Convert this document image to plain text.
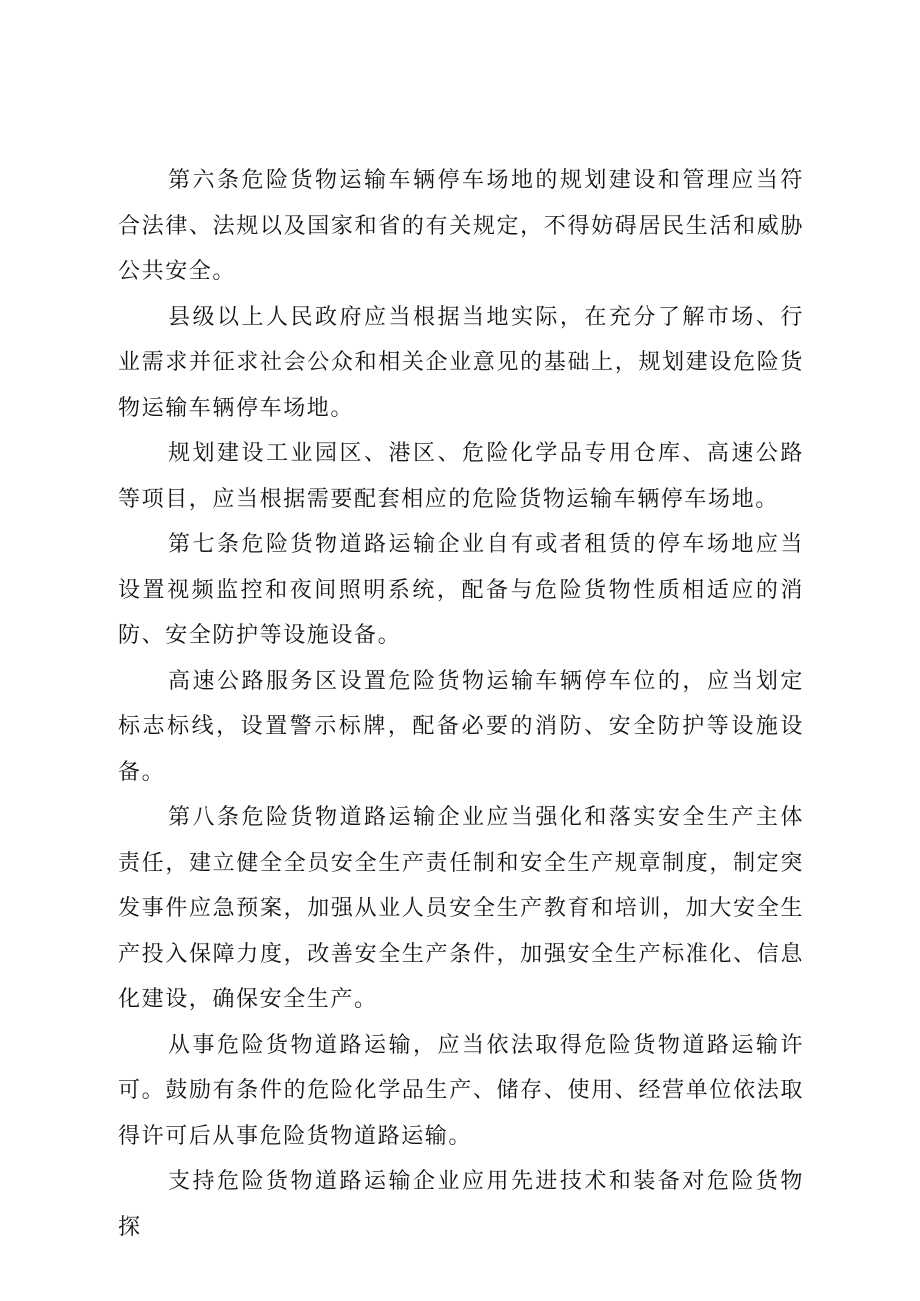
第六条危险货物运输车辆停车场地的规划建设和管理应当符合法律、法规以及国家和省的有关规定，不得妨碍居民生活和威胁公共安全。

县级以上人民政府应当根据当地实际，在充分了解市场、行业需求并征求社会公众和相关企业意见的基础上，规划建设危险货物运输车辆停车场地。

规划建设工业园区、港区、危险化学品专用仓库、高速公路等项目，应当根据需要配套相应的危险货物运输车辆停车场地。

第七条危险货物道路运输企业自有或者租赁的停车场地应当设置视频监控和夜间照明系统，配备与危险货物性质相适应的消防、安全防护等设施设备。

高速公路服务区设置危险货物运输车辆停车位的，应当划定标志标线，设置警示标牌，配备必要的消防、安全防护等设施设备。

第八条危险货物道路运输企业应当强化和落实安全生产主体责任，建立健全全员安全生产责任制和安全生产规章制度，制定突发事件应急预案，加强从业人员安全生产教育和培训，加大安全生产投入保障力度，改善安全生产条件，加强安全生产标准化、信息化建设，确保安全生产。

从事危险货物道路运输，应当依法取得危险货物道路运输许可。鼓励有条件的危险化学品生产、储存、使用、经营单位依法取得许可后从事危险货物道路运输。

支持危险货物道路运输企业应用先进技术和装备对危险货物探
